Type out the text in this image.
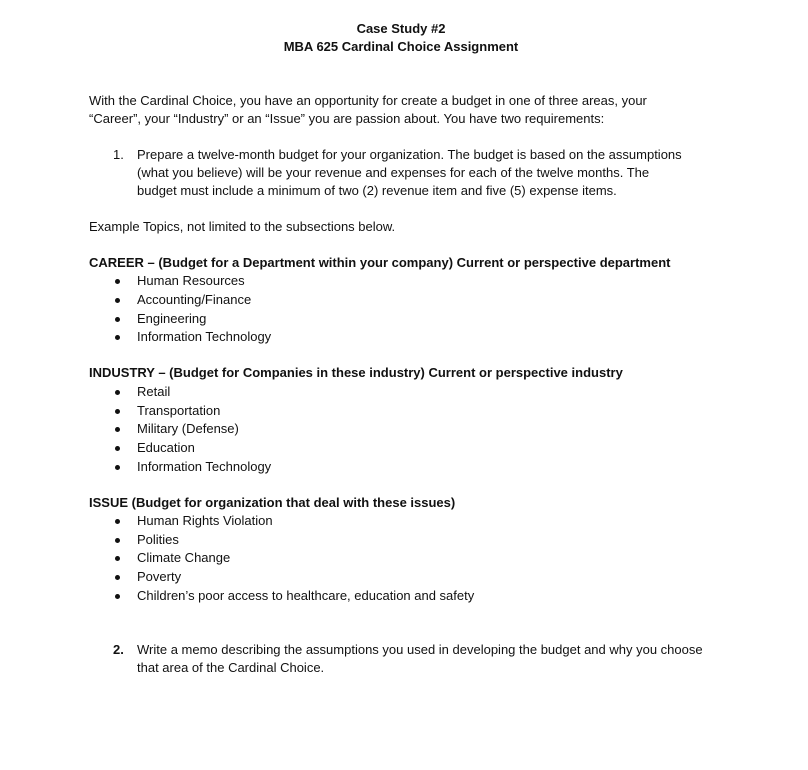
Case Study #2
MBA 625 Cardinal Choice Assignment
With the Cardinal Choice, you have an opportunity for create a budget in one of three areas, your
“Career”, your “Industry” or an “Issue” you are passion about. You have two requirements:
1. Prepare a twelve-month budget for your organization. The budget is based on the assumptions
(what you believe) will be your revenue and expenses for each of the twelve months. The
budget must include a minimum of two (2) revenue item and five (5) expense items.
Example Topics, not limited to the subsections below.
CAREER – (Budget for a Department within your company) Current or perspective department
Human Resources
Accounting/Finance
Engineering
Information Technology
INDUSTRY – (Budget for Companies in these industry) Current or perspective industry
Retail
Transportation
Military (Defense)
Education
Information Technology
ISSUE (Budget for organization that deal with these issues)
Human Rights Violation
Polities
Climate Change
Poverty
Children’s poor access to healthcare, education and safety
2. Write a memo describing the assumptions you used in developing the budget and why you choose
that area of the Cardinal Choice.
